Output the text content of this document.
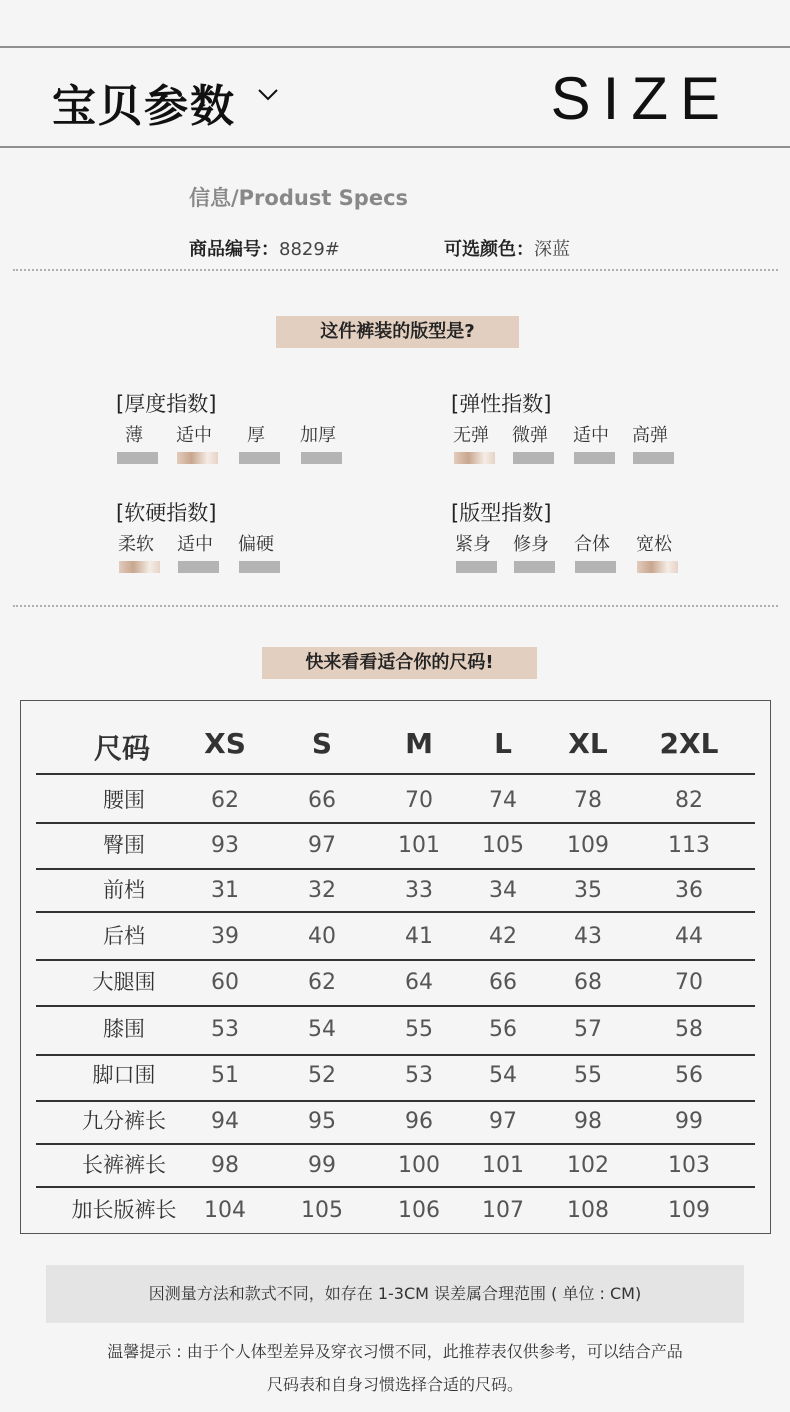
宝贝参数	SIZE
信息/Produst Specs
商品编号：8829#	可选颜色：深蓝
这件裤装的版型是?
[厚度指数]
薄	适中	厚	加厚
[弹性指数]
无弹	微弹	适中	高弹
[软硬指数]
柔软	适中	偏硬
[版型指数]
紧身	修身	合体	宽松
快来看看适合你的尺码!
尺码	XS	S	M	L	XL	2XL
腰围	62	66	70	74	78	82
臀围	93	97	101	105	109	113
前档	31	32	33	34	35	36
后档	39	40	41	42	43	44
大腿围	60	62	64	66	68	70
膝围	53	54	55	56	57	58
脚口围	51	52	53	54	55	56
九分裤长	94	95	96	97	98	99
长裤裤长	98	99	100	101	102	103
加长版裤长	104	105	106	107	108	109
因测量方法和款式不同，如存在 1-3CM 误差属合理范围 ( 单位 : CM)
温馨提示 : 由于个人体型差异及穿衣习惯不同，此推荐表仅供参考，可以结合产品
尺码表和自身习惯选择合适的尺码。
